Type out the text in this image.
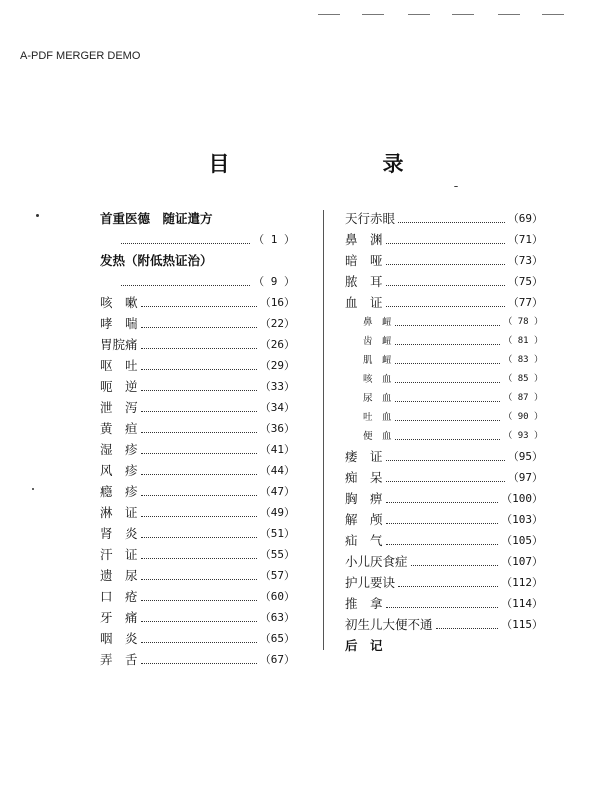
A-PDF MERGER DEMO
目　录
首重医德　随证遣方
（ 1 ）
发热（附低热证治）
（ 9 ）
咳　嗽	（16）
哮　喘	（22）
胃脘痛	（26）
呕　吐	（29）
呃　逆	（33）
泄　泻	（34）
黄　疸	（36）
湿　疹	（41）
风　疹	（44）
瘾　疹	（47）
淋　证	（49）
肾　炎	（51）
汗　证	（55）
遗　尿	（57）
口　疮	（60）
牙　痛	（63）
咽　炎	（65）
弄　舌	（67）
天行赤眼	（69）
鼻　渊	（71）
暗　哑	（73）
脓　耳	（75）
血　证	（77）
鼻　衄	（ 78 ）
齿　衄	（ 81 ）
肌　衄	（ 83 ）
咳　血	（ 85 ）
尿　血	（ 87 ）
吐　血	（ 90 ）
便　血	（ 93 ）
痿　证	（95）
痴　呆	（97）
胸　痹	（100）
解　颅	（103）
疝　气	（105）
小儿厌食症	（107）
护儿要诀	（112）
推　拿	（114）
初生儿大便不通	（115）
后　记
